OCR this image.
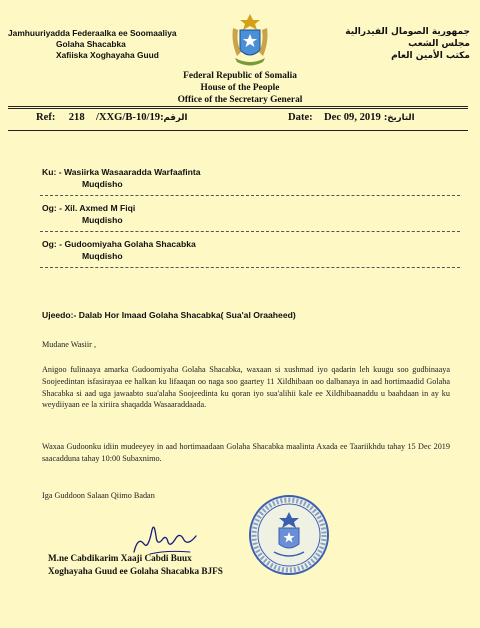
Jamhuuriyadda Federaalka ee Soomaaliya
Golaha Shacabka
Xafiiska Xoghayaha Guud
جمهورية الصومال الفيدرالية
مجلس الشعب
مكتب الأمين العام
Federal Republic of Somalia
House of the People
Office of the Secretary General
Ref: 218 /XXG/B-10/19:الرقم	Date: Dec 09, 2019 :التاريخ
Ku: - Wasiirka Wasaaradda Warfaafinta
Muqdisho
Og: - Xil. Axmed M Fiqi
Muqdisho
Og: - Gudoomiyaha Golaha Shacabka
Muqdisho
Ujeedo:- Dalab Hor Imaad Golaha Shacabka( Sua'al Oraaheed)
Mudane Wasiir ,
Anigoo fulinaaya amarka Gudoomiyaha Golaha Shacabka, waxaan si xushmad iyo qadarin leh kuugu soo gudbinaaya Soojeedintan isfasirayaa ee halkan ku lifaaqan oo naga soo gaartey 11 Xildhibaan oo dalbanaya in aad hortimaadid Golaha Shacabka si aad uga jawaabto sua'alaha Soojeedinta ku qoran iyo sua'alihii kale ee Xildhibaanaddu u baahdaan in ay ku weydiiyaan ee la xiriira shaqadda Wasaaraddaada.
Waxaa Gudoonku idiin mudeeyey in aad hortimaadaan Golaha Shacabka maalinta Axada ee Taariikhdu tahay 15 Dec 2019 saacadduna tahay 10:00 Subaxnimo.
Iga Guddoon Salaan Qiimo Badan
M.ne Cabdikarim Xaaji Cabdi Buux
Xoghayaha Guud ee Golaha Shacabka BJFS
